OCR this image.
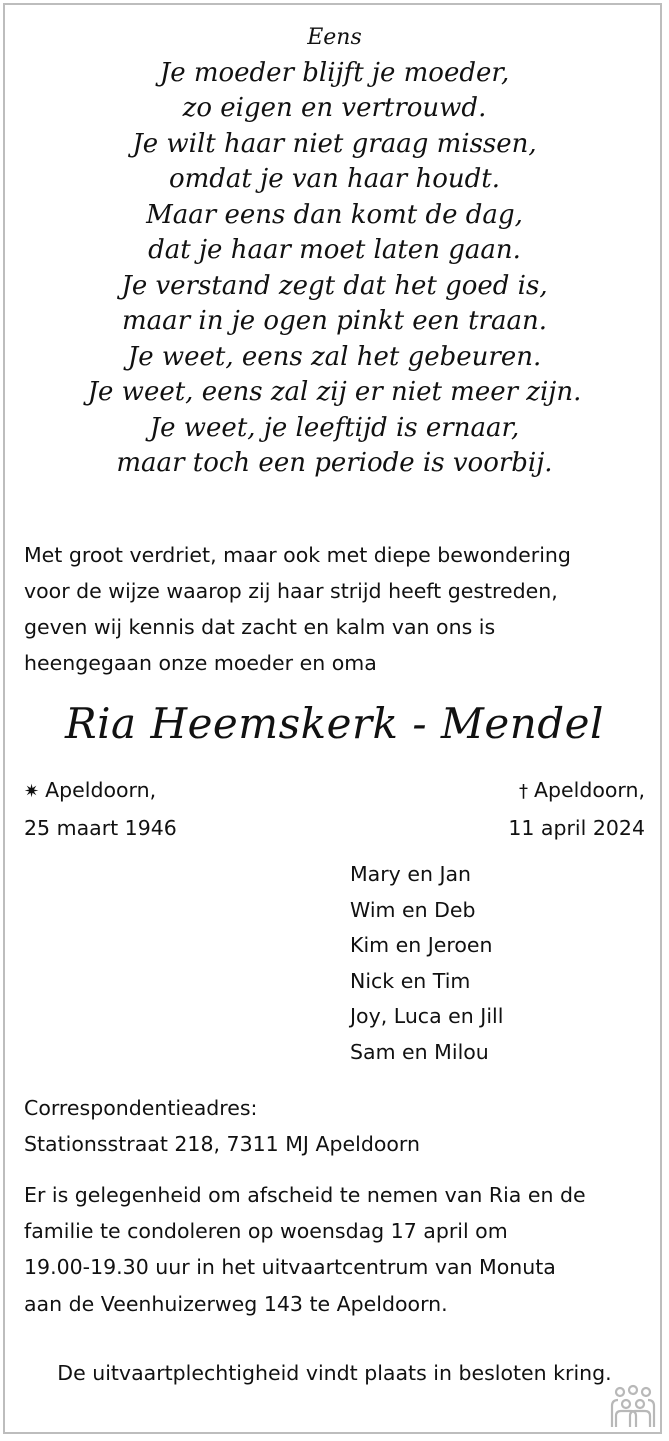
Eens
Je moeder blijft je moeder,
zo eigen en vertrouwd.
Je wilt haar niet graag missen,
omdat je van haar houdt.
Maar eens dan komt de dag,
dat je haar moet laten gaan.
Je verstand zegt dat het goed is,
maar in je ogen pinkt een traan.
Je weet, eens zal het gebeuren.
Je weet, eens zal zij er niet meer zijn.
Je weet, je leeftijd is ernaar,
maar toch een periode is voorbij.
Met groot verdriet, maar ook met diepe bewondering
voor de wijze waarop zij haar strijd heeft gestreden,
geven wij kennis dat zacht en kalm van ons is
heengegaan onze moeder en oma
Ria Heemskerk - Mendel
✷ Apeldoorn,
25 maart 1946
† Apeldoorn,
11 april 2024
Mary en Jan
Wim en Deb
Kim en Jeroen
Nick en Tim
Joy, Luca en Jill
Sam en Milou
Correspondentieadres:
Stationsstraat 218, 7311 MJ Apeldoorn
Er is gelegenheid om afscheid te nemen van Ria en de
familie te condoleren op woensdag 17 april om
19.00-19.30 uur in het uitvaartcentrum van Monuta
aan de Veenhuizerweg 143 te Apeldoorn.
De uitvaartplechtigheid vindt plaats in besloten kring.
